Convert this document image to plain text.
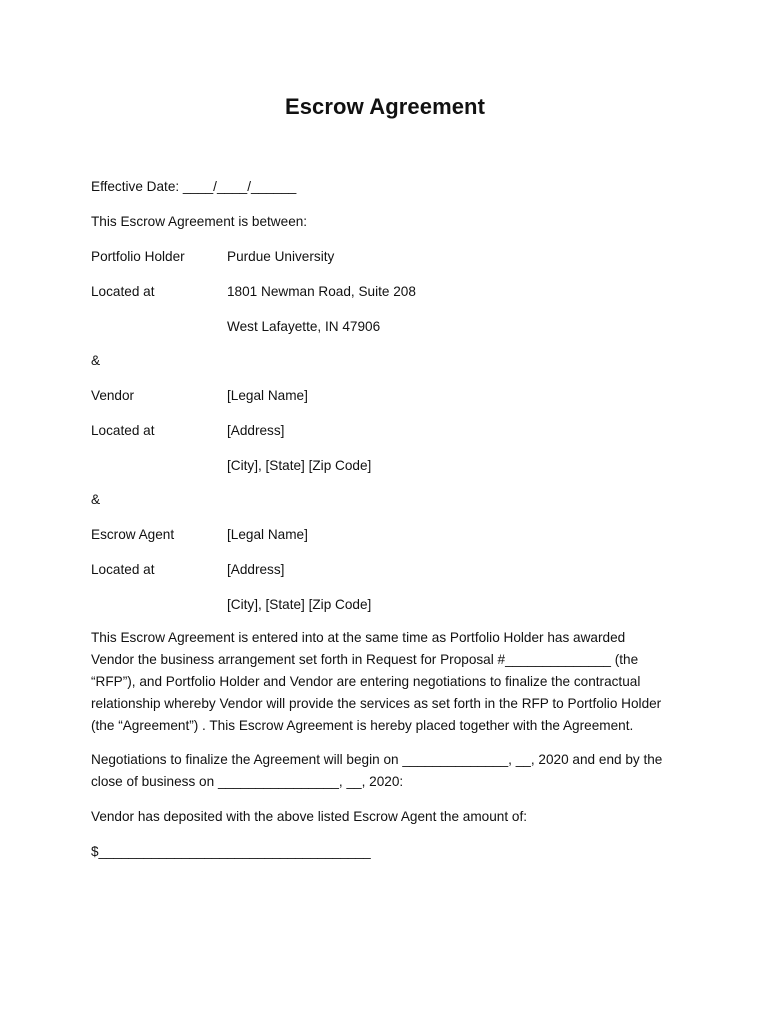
Escrow Agreement
Effective Date: ____/____/______
This Escrow Agreement is between:
Portfolio Holder	Purdue University
Located at	1801 Newman Road, Suite 208
West Lafayette, IN 47906
&
Vendor	[Legal Name]
Located at	[Address]
[City], [State] [Zip Code]
&
Escrow Agent	[Legal Name]
Located at	[Address]
[City], [State] [Zip Code]
This Escrow Agreement is entered into at the same time as Portfolio Holder has awarded
Vendor the business arrangement set forth in Request for Proposal #______________ (the
“RFP”), and Portfolio Holder and Vendor are entering negotiations to finalize the contractual
relationship whereby Vendor will provide the services as set forth in the RFP to Portfolio Holder
(the “Agreement”) . This Escrow Agreement is hereby placed together with the Agreement.
Negotiations to finalize the Agreement will begin on ______________, __, 2020 and end by the
close of business on ________________, __, 2020:
Vendor has deposited with the above listed Escrow Agent the amount of:
$____________________________________
